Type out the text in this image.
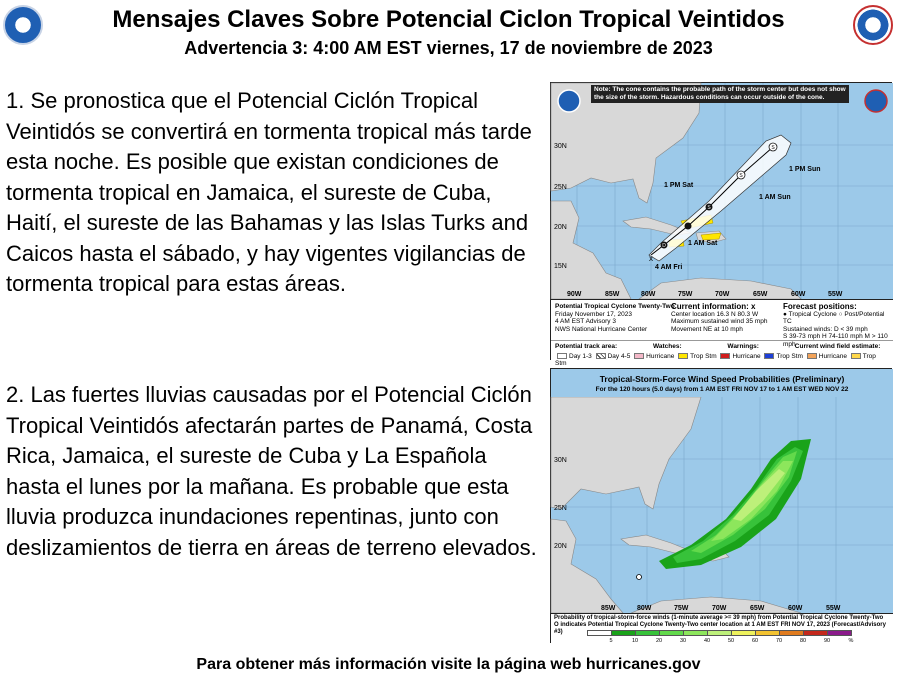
Mensajes Claves Sobre Potencial Ciclon Tropical Veintidos
Advertencia 3: 4:00 AM EST viernes, 17 de noviembre de 2023

1. Se pronostica que el Potencial Ciclón Tropical Veintidós se convertirá en tormenta tropical más tarde esta noche. Es posible que existan condiciones de tormenta tropical en Jamaica, el sureste de Cuba, Haití, el sureste de las Bahamas y las Islas Turks and Caicos hasta el sábado, y hay vigentes vigilancias de tormenta tropical para estas áreas.

2. Las fuertes lluvias causadas por el Potencial Ciclón Tropical Veintidós afectarán partes de Panamá, Costa Rica, Jamaica, el sureste de Cuba y La Española hasta el lunes por la mañana. Es probable que esta lluvia produzca inundaciones repentinas, junto con deslizamientos de tierra en áreas de terreno elevados.

x
30N
25N
20N
15N
90W	85W	80W	75W	70W	65W	60W	55W
1 PM Sun
1 PM Sat
1 AM Sun
1 AM Sat
4 AM Fri
S
S
S
D
Note: The cone contains the probable path of the storm center but does not show the size of the storm. Hazardous conditions can occur outside of the cone.
Potential Tropical Cyclone Twenty-Two
Friday November 17, 2023
4 AM EST Advisory 3
NWS National Hurricane Center
Current information: x
Center location 16.3 N 80.3 W
Maximum sustained wind 35 mph
Movement NE at 10 mph
Forecast positions:
● Tropical Cyclone ○ Post/Potential TC
Sustained winds: D < 39 mph
S 39-73 mph H 74-110 mph M > 110 mph
Potential track area:	Watches:	Warnings:	Current wind field estimate:
Day 1-3 Day 4-5 Hurricane Trop Stm Hurricane Trop Stm Hurricane Trop Stm
30N
25N
20N
85W	80W	75W	70W	65W	60W	55W
Tropical-Storm-Force Wind Speed Probabilities (Preliminary)
For the 120 hours (5.0 days) from 1 AM EST FRI NOV 17 to 1 AM EST WED NOV 22
Probability of tropical-storm-force winds (1-minute average >= 39 mph) from Potential Tropical Cyclone Twenty-Two
O indicates Potential Tropical Cyclone Twenty-Two center location at 1 AM EST FRI NOV 17, 2023 (Forecast/Advisory #3)
5	10	20	30	40	50	60	70	80	90	%
Para obtener más información visite la página web hurricanes.gov
